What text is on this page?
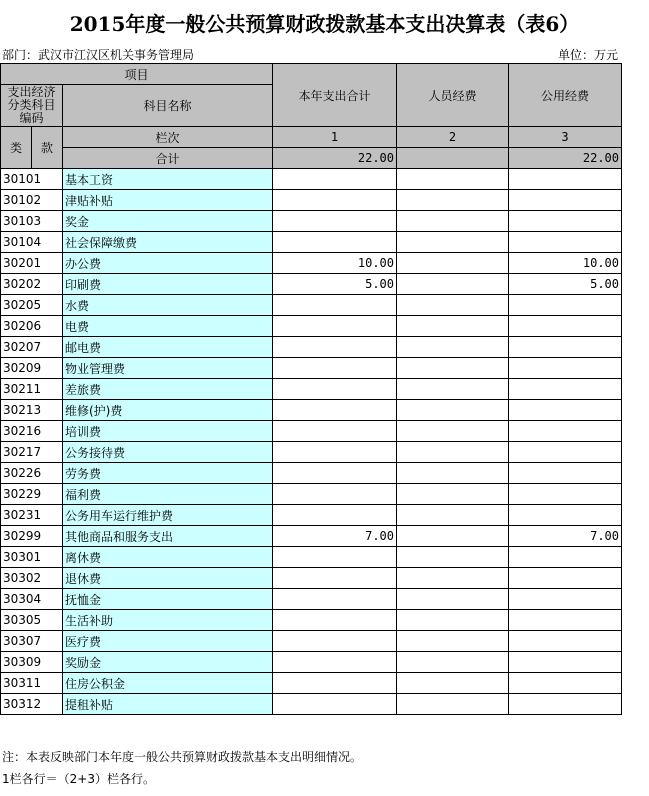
2015年度一般公共预算财政拨款基本支出决算表（表6）
部门：武汉市江汉区机关事务管理局	单位：万元
项目			本年支出合计	人员经费	公用经费
支出经济分类科目编码		科目名称			

类	款	栏次	1	2	3
		合计	22.00		22.00
30101		基本工资			
30102		津贴补贴			
30103		奖金			
30104		社会保障缴费			
30201		办公费	10.00		10.00
30202		印刷费	5.00		5.00
30205		水费			
30206		电费			
30207		邮电费			
30209		物业管理费			
30211		差旅费			
30213		维修(护)费			
30216		培训费			
30217		公务接待费			
30226		劳务费			
30229		福利费			
30231		公务用车运行维护费			
30299		其他商品和服务支出	7.00		7.00
30301		离休费			
30302		退休费			
30304		抚恤金			
30305		生活补助			
30307		医疗费			
30309		奖励金			
30311		住房公积金			
30312		提租补贴			
注：本表反映部门本年度一般公共预算财政拨款基本支出明细情况。
1栏各行＝（2+3）栏各行。
